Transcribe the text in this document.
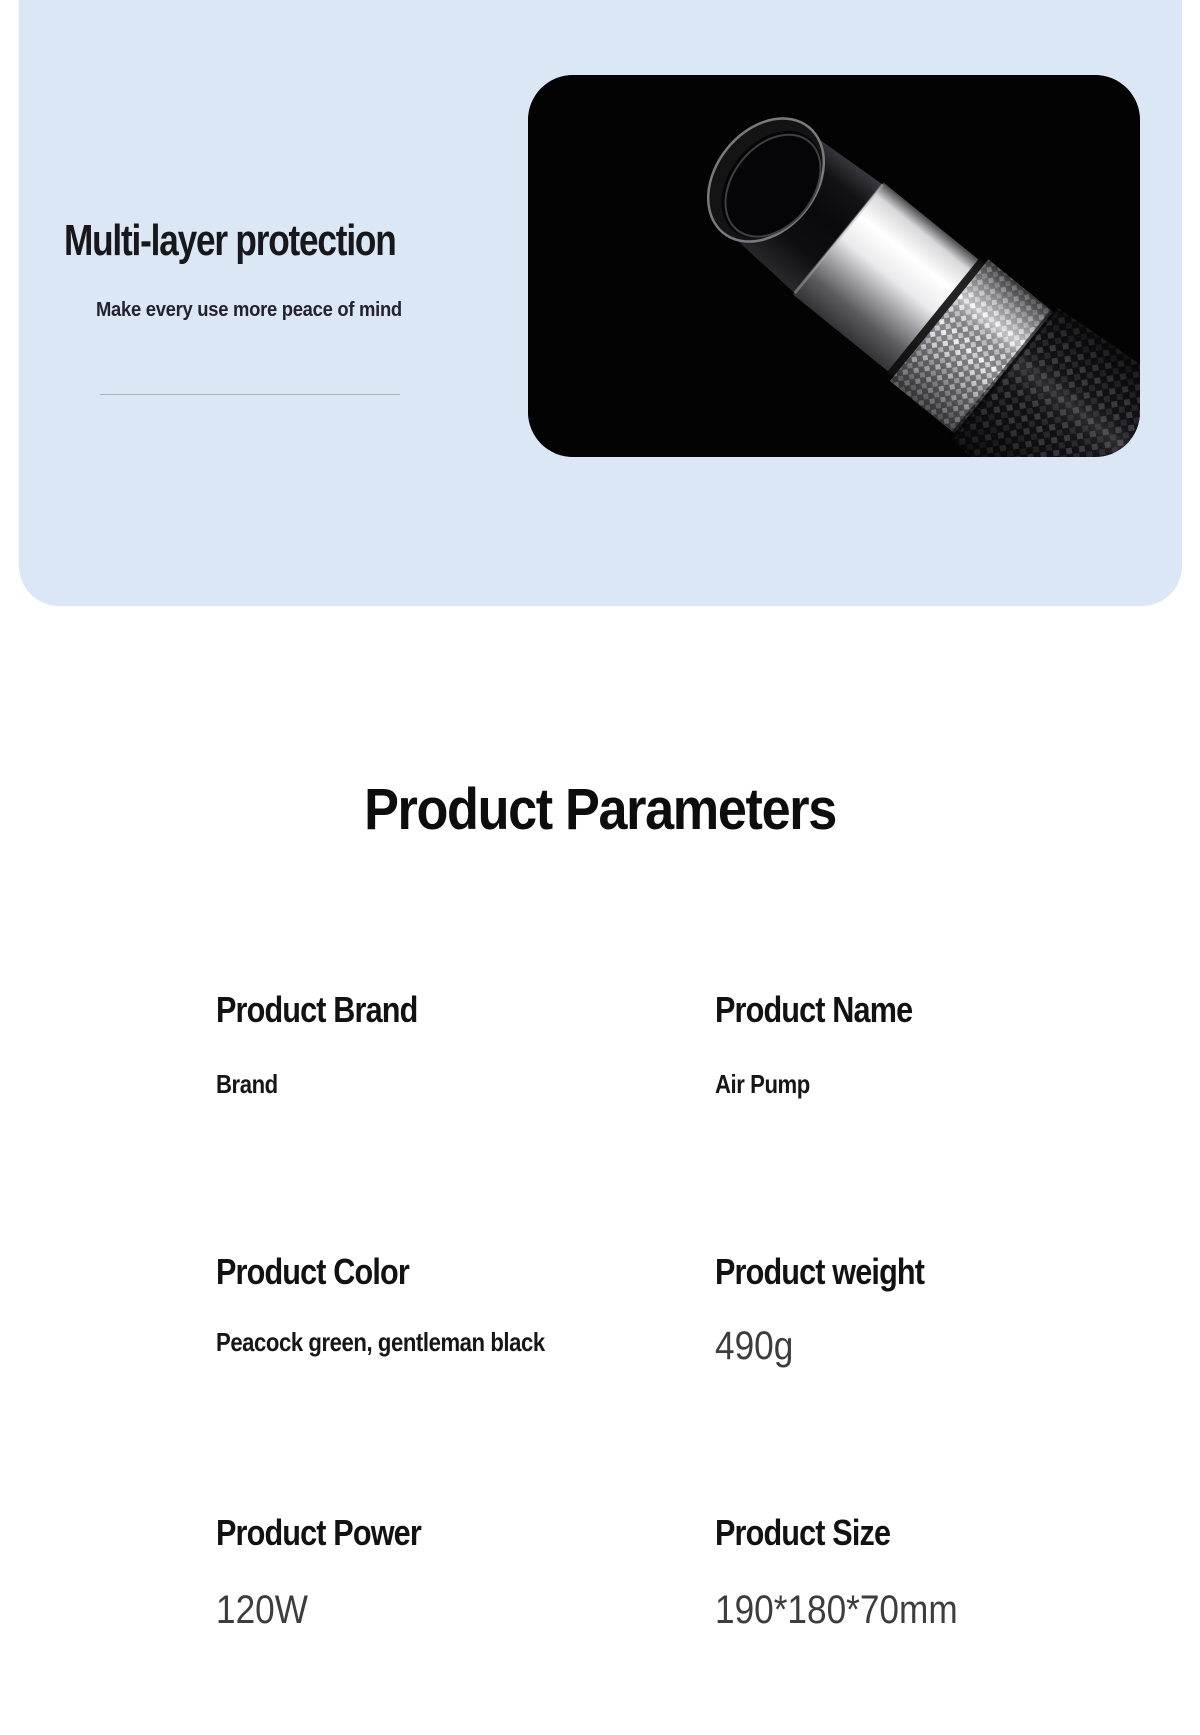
Multi-layer protection

Make every use more peace of mind

Product Parameters
Product Brand
Brand
Product Name
Air Pump
Product Color
Peacock green, gentleman black
Product weight
490g
Product Power
120W
Product Size
190*180*70mm
